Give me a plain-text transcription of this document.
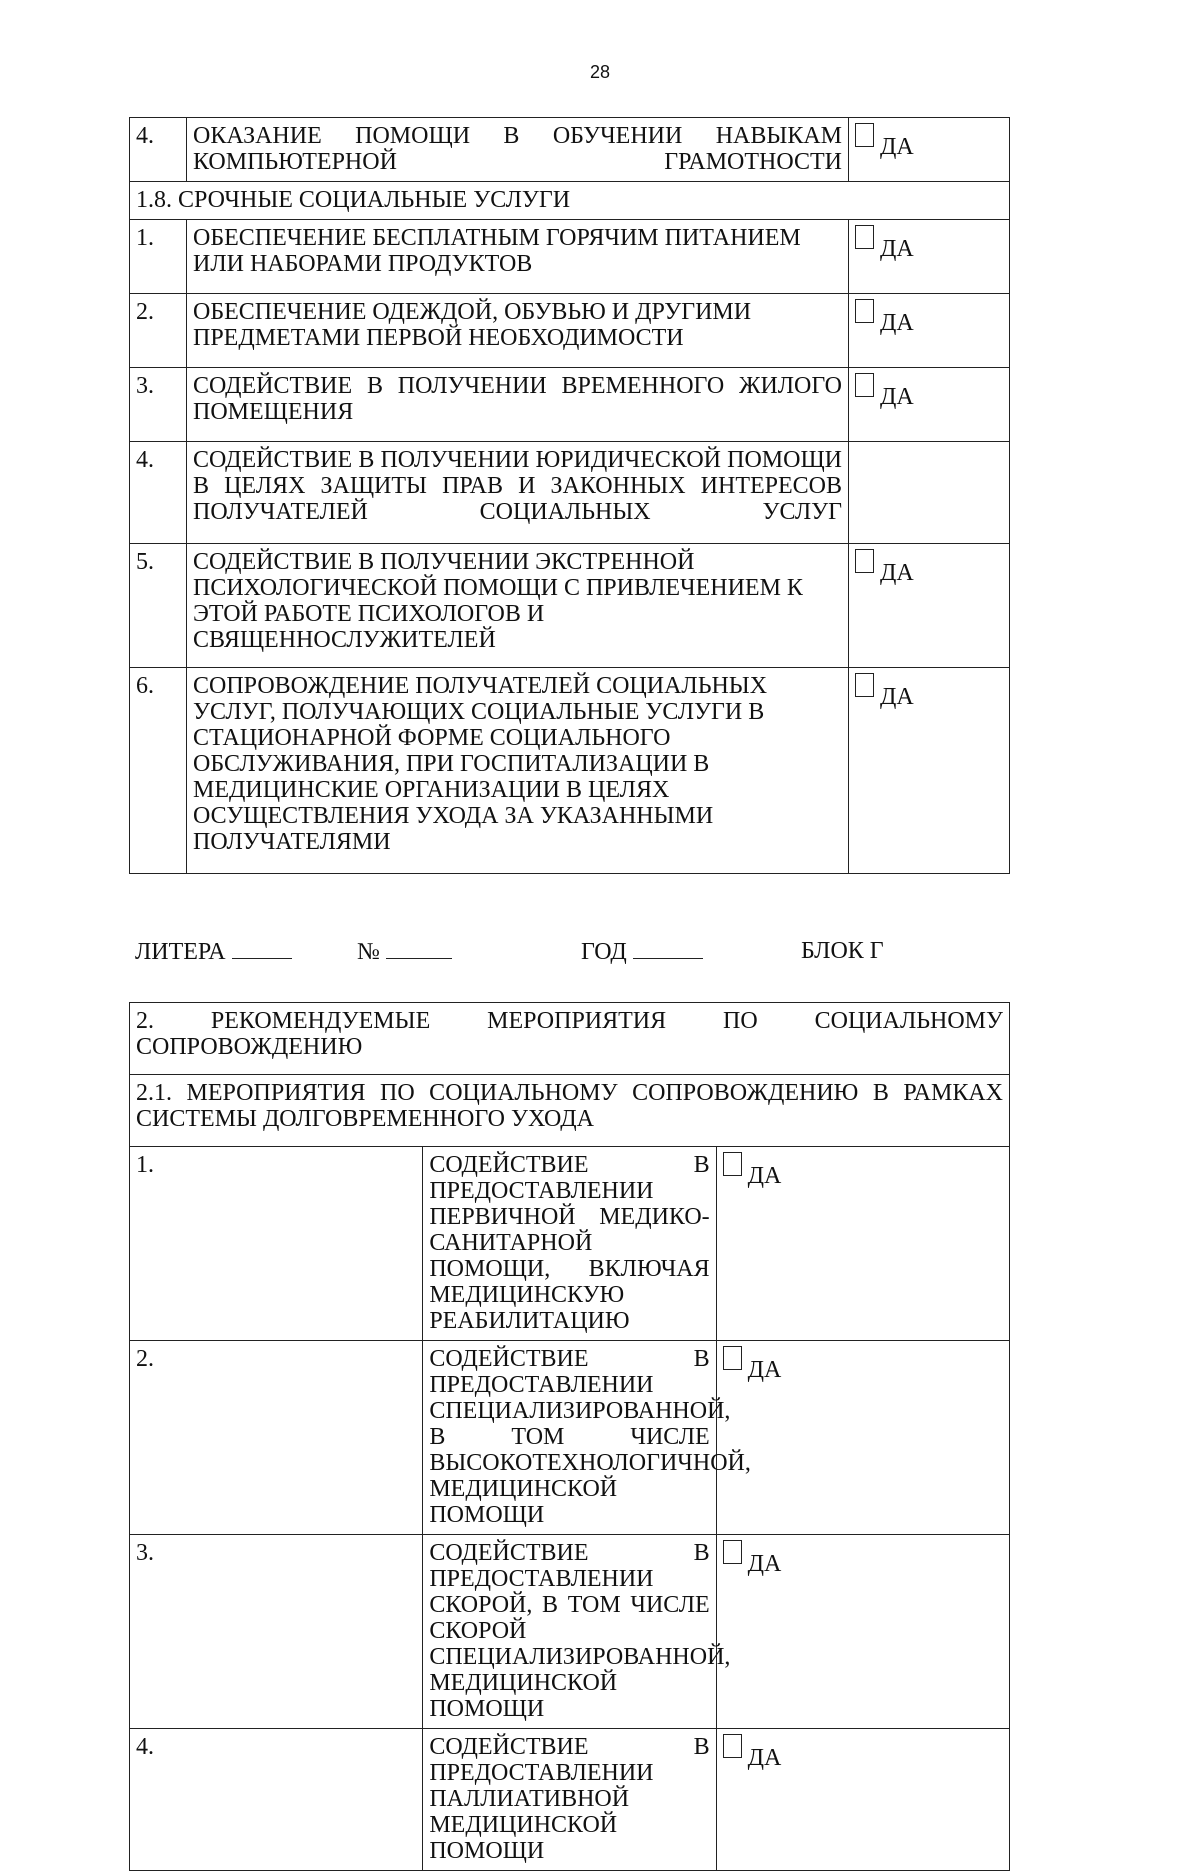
28
4.	ОКАЗАНИЕ ПОМОЩИ В ОБУЧЕНИИ НАВЫКАМ КОМПЬЮТЕРНОЙ ГРАМОТНОСТИ	ДА
1.8. СРОЧНЫЕ СОЦИАЛЬНЫЕ УСЛУГИ		
1.	ОБЕСПЕЧЕНИЕ БЕСПЛАТНЫМ ГОРЯЧИМ ПИТАНИЕМ ИЛИ НАБОРАМИ ПРОДУКТОВ	ДА
2.	ОБЕСПЕЧЕНИЕ ОДЕЖДОЙ, ОБУВЬЮ И ДРУГИМИ ПРЕДМЕТАМИ ПЕРВОЙ НЕОБХОДИМОСТИ	ДА
3.	СОДЕЙСТВИЕ В ПОЛУЧЕНИИ ВРЕМЕННОГО ЖИЛОГО ПОМЕЩЕНИЯ	ДА
4.	СОДЕЙСТВИЕ В ПОЛУЧЕНИИ ЮРИДИЧЕСКОЙ ПОМОЩИ В ЦЕЛЯХ ЗАЩИТЫ ПРАВ И ЗАКОННЫХ ИНТЕРЕСОВ ПОЛУЧАТЕЛЕЙ СОЦИАЛЬНЫХ УСЛУГ	
5.	СОДЕЙСТВИЕ В ПОЛУЧЕНИИ ЭКСТРЕННОЙ ПСИХОЛОГИЧЕСКОЙ ПОМОЩИ С ПРИВЛЕЧЕНИЕМ К ЭТОЙ РАБОТЕ ПСИХОЛОГОВ И СВЯЩЕННОСЛУЖИТЕЛЕЙ	ДА
6.	СОПРОВОЖДЕНИЕ ПОЛУЧАТЕЛЕЙ СОЦИАЛЬНЫХ УСЛУГ, ПОЛУЧАЮЩИХ СОЦИАЛЬНЫЕ УСЛУГИ В СТАЦИОНАРНОЙ ФОРМЕ СОЦИАЛЬНОГО ОБСЛУЖИВАНИЯ, ПРИ ГОСПИТАЛИЗАЦИИ В МЕДИЦИНСКИЕ ОРГАНИЗАЦИИ В ЦЕЛЯХ ОСУЩЕСТВЛЕНИЯ УХОДА ЗА УКАЗАННЫМИ ПОЛУЧАТЕЛЯМИ	ДА
ЛИТЕРА	№	ГОД	БЛОК Г
2. РЕКОМЕНДУЕМЫЕ МЕРОПРИЯТИЯ ПО СОЦИАЛЬНОМУ СОПРОВОЖДЕНИЮ		
2.1. МЕРОПРИЯТИЯ ПО СОЦИАЛЬНОМУ СОПРОВОЖДЕНИЮ В РАМКАХ СИСТЕМЫ ДОЛГОВРЕМЕННОГО УХОДА		
1.	СОДЕЙСТВИЕ В ПРЕДОСТАВЛЕНИИ ПЕРВИЧНОЙ МЕДИКО-САНИТАРНОЙ ПОМОЩИ, ВКЛЮЧАЯ МЕДИЦИНСКУЮ РЕАБИЛИТАЦИЮ	ДА
2.	СОДЕЙСТВИЕ В ПРЕДОСТАВЛЕНИИ СПЕЦИАЛИЗИРОВАННОЙ, В ТОМ ЧИСЛЕ ВЫСОКОТЕХНОЛОГИЧНОЙ, МЕДИЦИНСКОЙ ПОМОЩИ	ДА
3.	СОДЕЙСТВИЕ В ПРЕДОСТАВЛЕНИИ СКОРОЙ, В ТОМ ЧИСЛЕ СКОРОЙ СПЕЦИАЛИЗИРОВАННОЙ, МЕДИЦИНСКОЙ ПОМОЩИ	ДА
4.	СОДЕЙСТВИЕ В ПРЕДОСТАВЛЕНИИ ПАЛЛИАТИВНОЙ МЕДИЦИНСКОЙ ПОМОЩИ	ДА
